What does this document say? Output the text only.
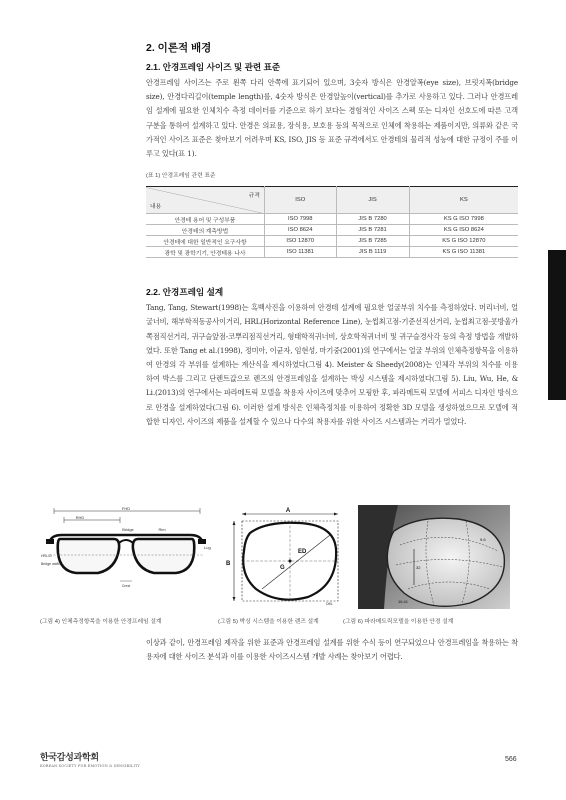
2. 이론적 배경
2.1. 안경프레임 사이즈 및 관련 표준

안경프레임 사이즈는 주로 왼쪽 다리 안쪽에 표기되어 있으며, 3숫자 방식은 안경알폭(eye size), 브릿지폭(bridge size), 안경다리길이(temple length)를, 4숫자 방식은 안경알높이(vertical)를 추가로 사용하고 있다. 그러나 안경프레임 설계에 필요한 인체치수 측정 데이터를 기준으로 하기 보다는 경험적인 사이즈 스펙 또는 디자인 선호도에 따른 고객 구분을 통하여 설계하고 있다. 안경은 의료용, 장식용, 보호용 등의 목적으로 인체에 착용하는 제품이지만, 의류와 같은 국가적인 사이즈 표준은 찾아보기 어려우며 KS, ISO, JIS 등 표준 규격에서도 안경테의 물리적 성능에 대한 규정이 주를 이루고 있다(표 1).

(표 1) 안경프레임 관련 표준
규격
내용	ISO	JIS	KS
안경테 용어 및 구성부품	ISO 7998	JIS B 7280	KS G ISO 7998
안경테의 계측방법	ISO 8624	JIS B 7281	KS G ISO 8624
안경테에 대한 일반적인 요구사항	ISO 12870	JIS B 7285	KS G ISO 12870
광학 및 광학기기, 안경테용 나사	ISO 11381	JIS B 1119	KS G ISO 11381
2.2. 안경프레임 설계

Tang, Tang, Stewart(1998)는 흑백사진을 이용하여 안경테 설계에 필요한 얼굴부위 치수를 측정하였다. 머리너비, 얼굴너비, 해부학적동공사이거리, HRL(Horizontal Reference Line), 눈썹최고점-기준선직선거리, 눈썹최고점-콧방울가쪽점직선거리, 귀구슬앞점-코뿌리점직선거리, 형태학적귀너비, 상호학적귀너비 및 귀구슬경사각 등의 측정 방법을 개발하였다. 또한 Tang et al.(1998), 정미아, 이균자, 임현성, 마기중(2001)의 연구에서는 얼굴 부위의 인체측정항목을 이용하여 안경의 각 부위를 설계하는 계산식을 제시하였다(그림 4). Meister & Sheedy(2008)는 인체각 부위의 치수를 이용하여 박스를 그리고 단렌트값으로 렌즈의 안경프레임을 설계하는 박싱 시스템을 제시하였다(그림 5). Liu, Wu, He, & Li.(2013)의 연구에서는 파라메트릭 모델을 착용자 사이즈에 맞추어 모핑한 후, 파라메트릭 모델에 서피스 디자인 방식으로 안경을 설계하였다(그림 6). 이러한 설계 방식은 인체측정치를 이용하여 정확한 3D 모델을 생성하였으므로 모델에 적합한 디자인, 사이즈의 제품을 설계할 수 있으나 다수의 착용자를 위한 사이즈 시스템과는 거리가 멀었다.

FHD
RHD
HRL/D
Bridge	Rim
Lug
Bridge width
Crest
A
B
ED
G
DBL
32
16.41
9.6
(그림 4) 인체측정항목을 이용한 안경프레임 설계	(그림 5) 박싱 시스템을 이용한 렌즈 설계	(그림 6) 파라메트릭모델을 이용한 안경 설계

이상과 같이, 안경프레임 제작을 위한 표준과 안경프레임 설계를 위한 수식 등이 연구되었으나 안경프레임을 착용하는 착용자에 대한 사이즈 분석과 이를 이용한 사이즈시스템 개발 사례는 찾아보기 어렵다.

한국감성과학회
KOREAN SOCIETY FOR EMOTION & SENSIBILITY
566
